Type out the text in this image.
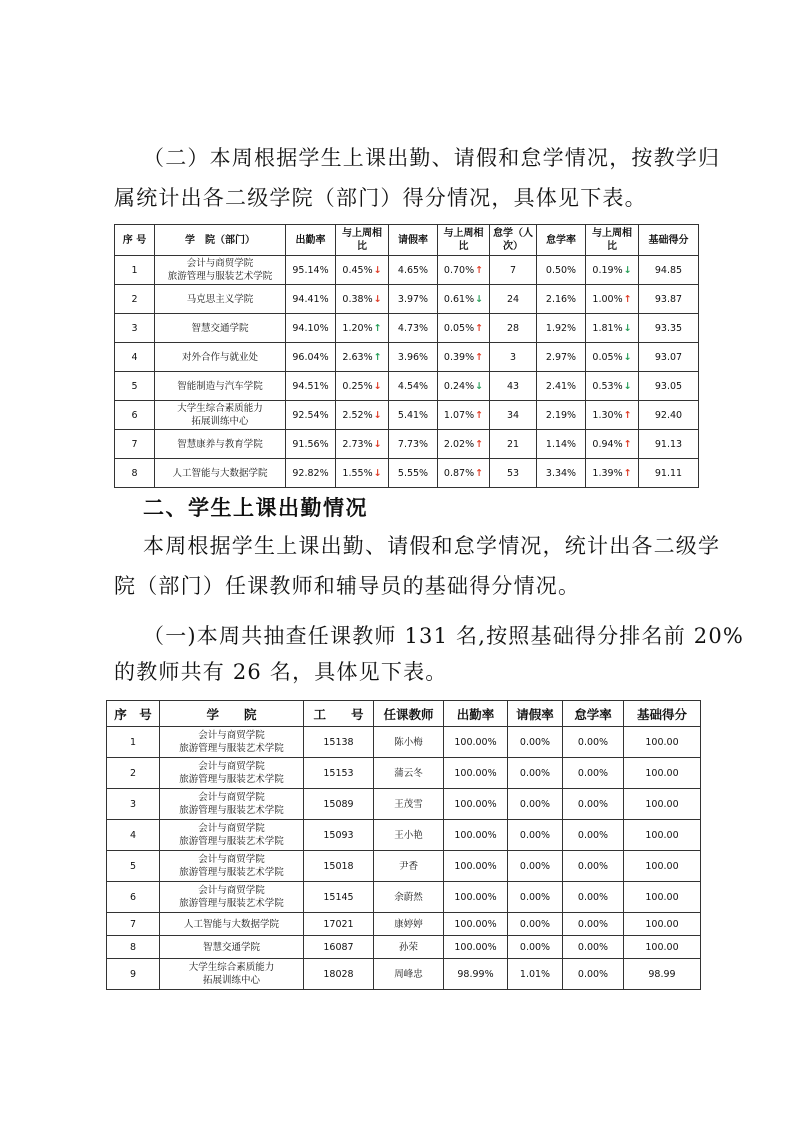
（二）本周根据学生上课出勤、请假和怠学情况，按教学归

属统计出各二级学院（部门）得分情况，具体见下表。

序 号	学　院（部门）	出勤率	与上周相比	请假率	与上周相比	怠学（人次）	怠学率	与上周相比	基础得分
1	会计与商贸学院
旅游管理与服装艺术学院	95.14%	0.45%↓	4.65%	0.70%↑	7	0.50%	0.19%↓	94.85
2	马克思主义学院	94.41%	0.38%↓	3.97%	0.61%↓	24	2.16%	1.00%↑	93.87
3	智慧交通学院	94.10%	1.20%↑	4.73%	0.05%↑	28	1.92%	1.81%↓	93.35
4	对外合作与就业处	96.04%	2.63%↑	3.96%	0.39%↑	3	2.97%	0.05%↓	93.07
5	智能制造与汽车学院	94.51%	0.25%↓	4.54%	0.24%↓	43	2.41%	0.53%↓	93.05
6	大学生综合素质能力
拓展训练中心	92.54%	2.52%↓	5.41%	1.07%↑	34	2.19%	1.30%↑	92.40
7	智慧康养与教育学院	91.56%	2.73%↓	7.73%	2.02%↑	21	1.14%	0.94%↑	91.13
8	人工智能与大数据学院	92.82%	1.55%↓	5.55%	0.87%↑	53	3.34%	1.39%↑	91.11

二、学生上课出勤情况

本周根据学生上课出勤、请假和怠学情况，统计出各二级学

院（部门）任课教师和辅导员的基础得分情况。

（一)本周共抽查任课教师 131 名,按照基础得分排名前 20%

的教师共有 26 名，具体见下表。

序　号	学　　院	工　　号	任课教师	出勤率	请假率	怠学率	基础得分
1	会计与商贸学院
旅游管理与服装艺术学院	15138	陈小梅	100.00%	0.00%	0.00%	100.00
2	会计与商贸学院
旅游管理与服装艺术学院	15153	蒲云冬	100.00%	0.00%	0.00%	100.00
3	会计与商贸学院
旅游管理与服装艺术学院	15089	王茂雪	100.00%	0.00%	0.00%	100.00
4	会计与商贸学院
旅游管理与服装艺术学院	15093	王小艳	100.00%	0.00%	0.00%	100.00
5	会计与商贸学院
旅游管理与服装艺术学院	15018	尹香	100.00%	0.00%	0.00%	100.00
6	会计与商贸学院
旅游管理与服装艺术学院	15145	余蔚然	100.00%	0.00%	0.00%	100.00
7	人工智能与大数据学院	17021	康婷婷	100.00%	0.00%	0.00%	100.00
8	智慧交通学院	16087	孙荣	100.00%	0.00%	0.00%	100.00
9	大学生综合素质能力
拓展训练中心	18028	周峰忠	98.99%	1.01%	0.00%	98.99
